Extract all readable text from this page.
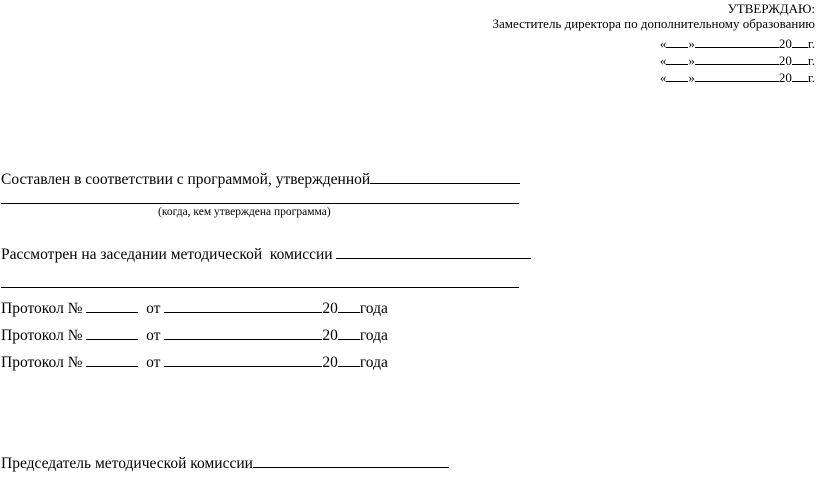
УТВЕРЖДАЮ:
Заместитель директора по дополнительному образованию
« »	20 г.
« »	20 г.
« »	20 г.
Составлен в соответствии с программой, утвержденной
(когда, кем утверждена программа)
Рассмотрен на заседании методической  комиссии
Протокол №	от	20 года
Протокол №	от	20 года
Протокол №	от	20 года
Председатель методической комиссии
